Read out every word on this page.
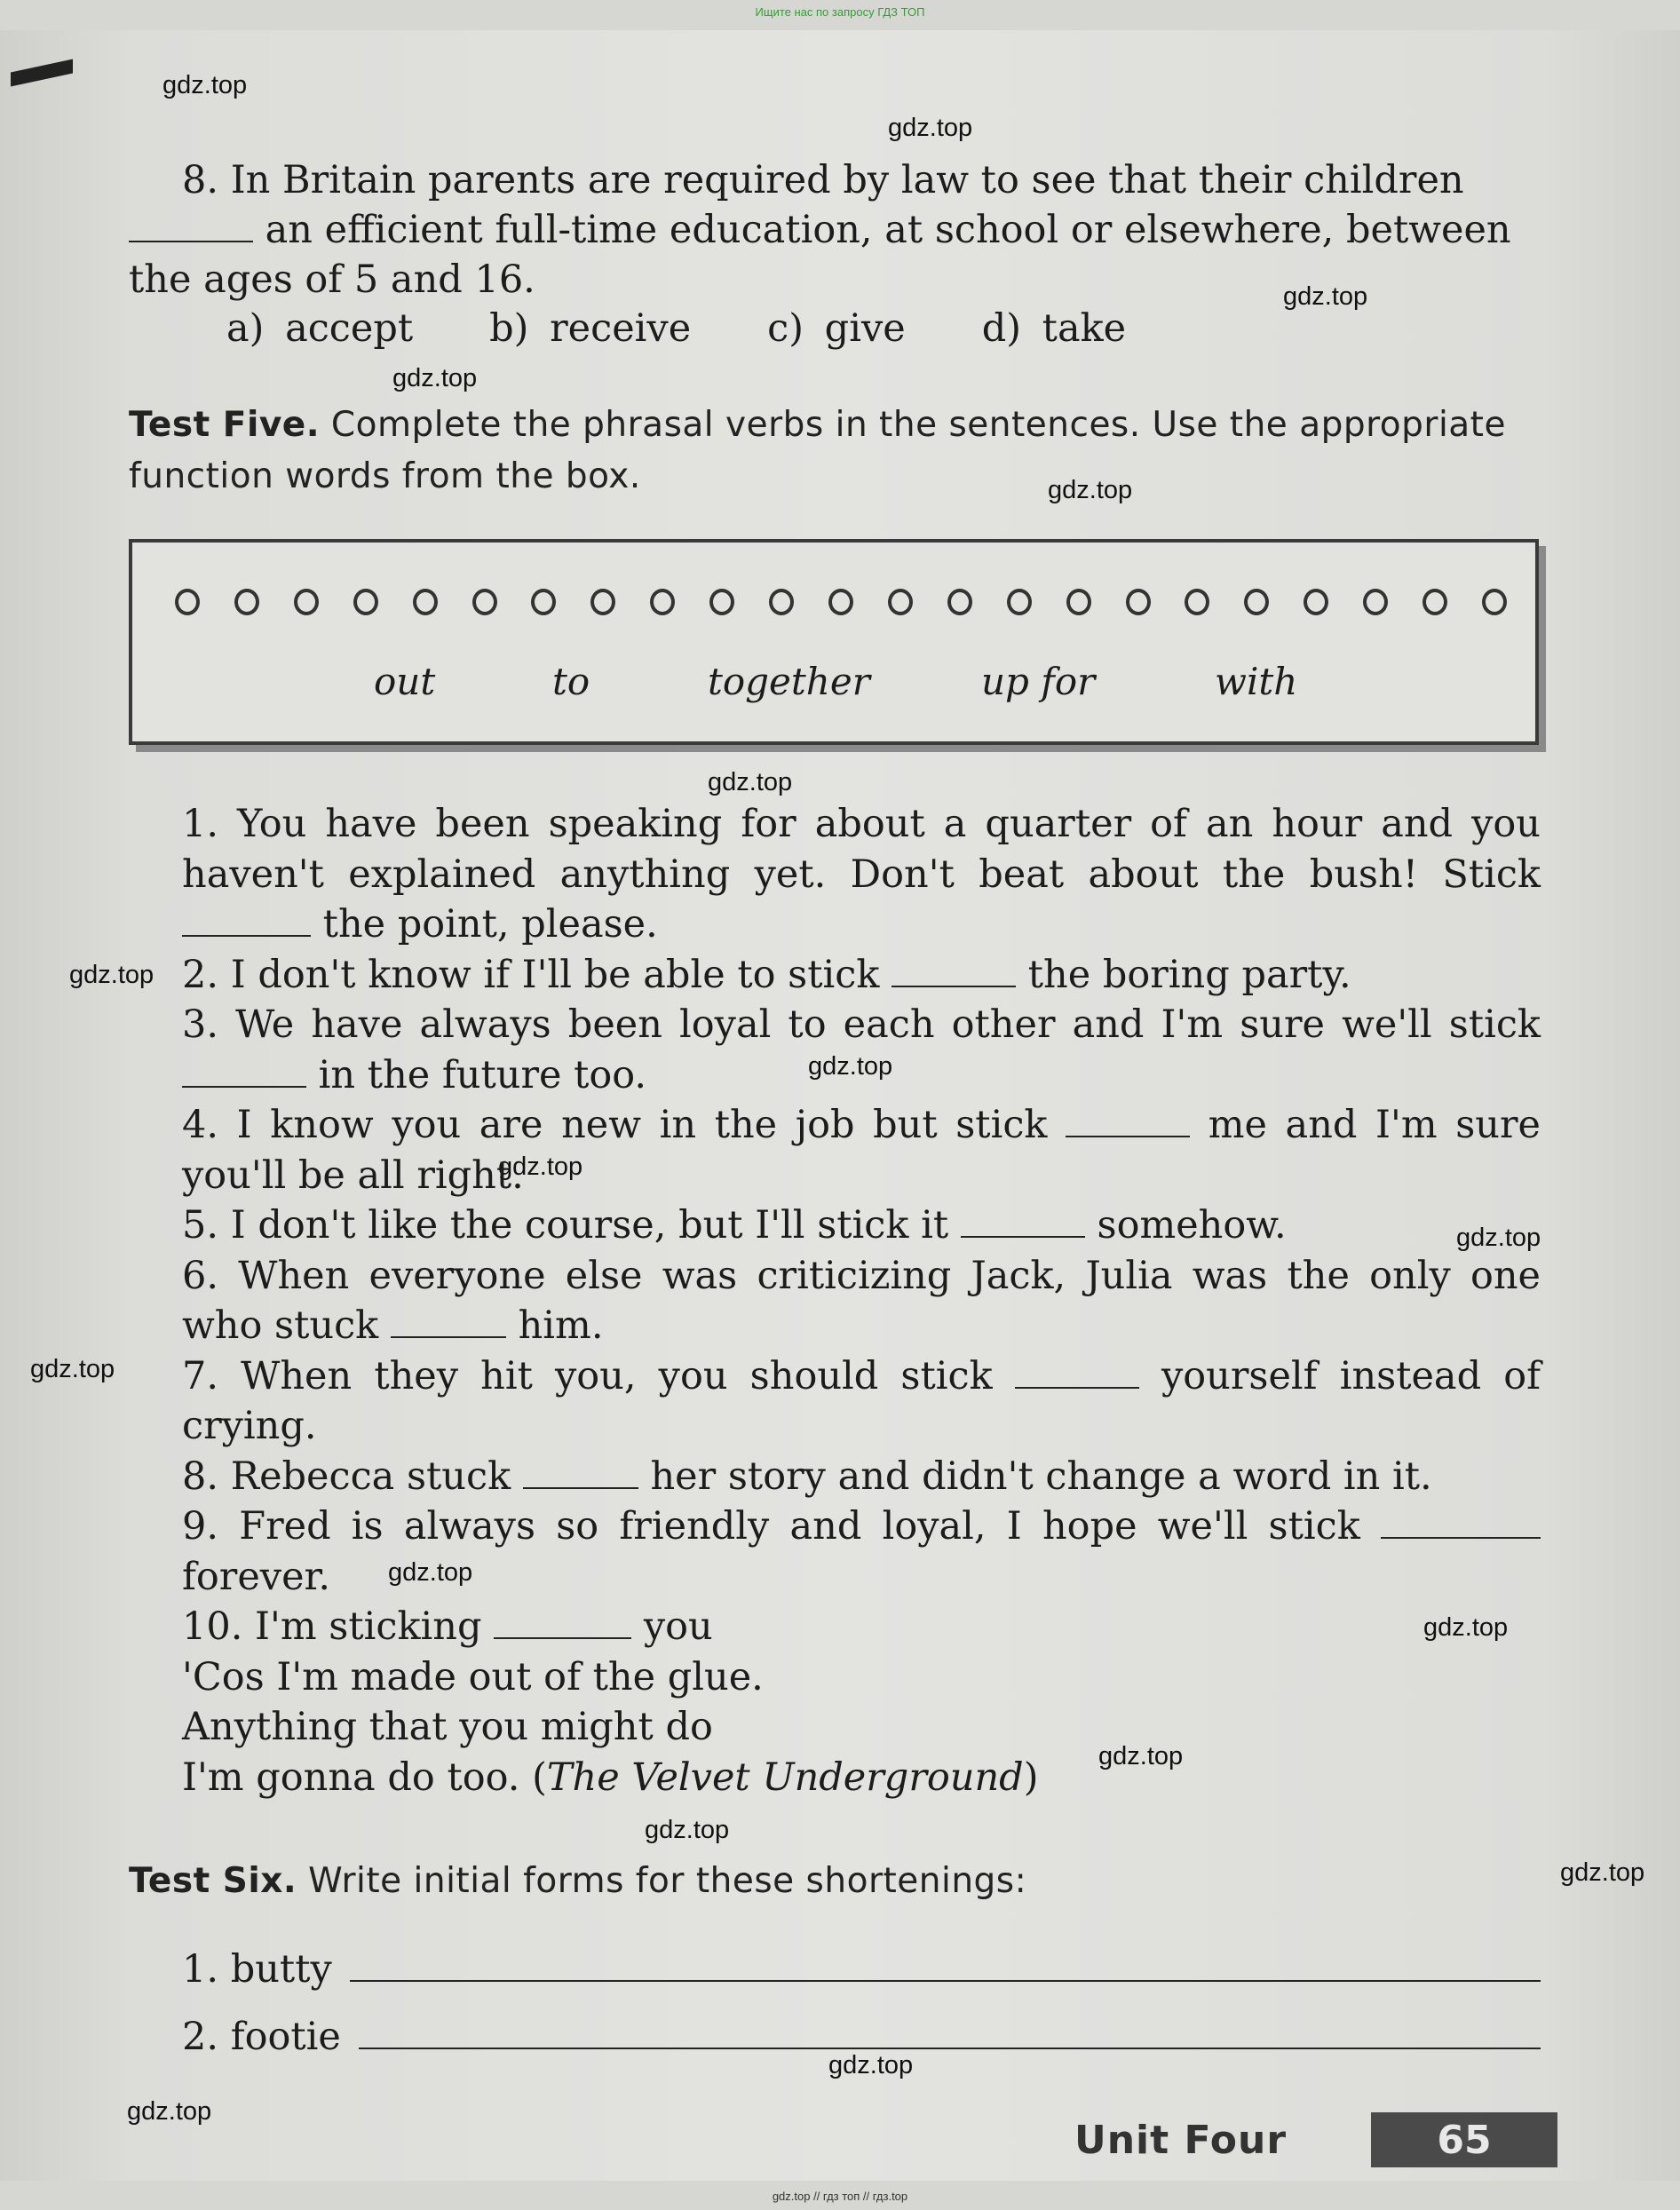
Ищите нас по запросу ГДЗ ТОП
gdz.top
gdz.top
gdz.top
gdz.top
gdz.top
gdz.top
gdz.top
gdz.top
gdz.top
gdz.top
gdz.top
gdz.top
gdz.top
gdz.top
gdz.top
gdz.top
gdz.top
gdz.top
8. In Britain parents are required by law to see that their children
an efficient full-time education, at school or elsewhere, between
the ages of 5 and 16.
a) accept b) receive c) give d) take
Test Five. Complete the phrasal verbs in the sentences. Use the appropriate function words from the box.
out	to	together	up for	with

1. You have been speaking for about a quarter of an hour and you haven't explained anything yet. Don't beat about the bush! Stick  the point, please.

2. I don't know if I'll be able to stick	the boring party.

3. We have always been loyal to each other and I'm sure we'll stick  in the future too.

4. I know you are new in the job but stick	me and I'm sure you'll be all right.

5. I don't like the course, but I'll stick it	somehow.

6. When everyone else was criticizing Jack, Julia was the only one who stuck	him.

7. When they hit you, you should stick	yourself instead of crying.

8. Rebecca stuck	her story and didn't change a word in it.

9. Fred is always so friendly and loyal, I hope we'll stick  forever.

10. I'm sticking	you

'Cos I'm made out of the glue.

Anything that you might do

I'm gonna do too. (The Velvet Underground)

Test Six. Write initial forms for these shortenings:
1. butty
2. footie
Unit Four	65
gdz.top // гдз топ // гдз.top
